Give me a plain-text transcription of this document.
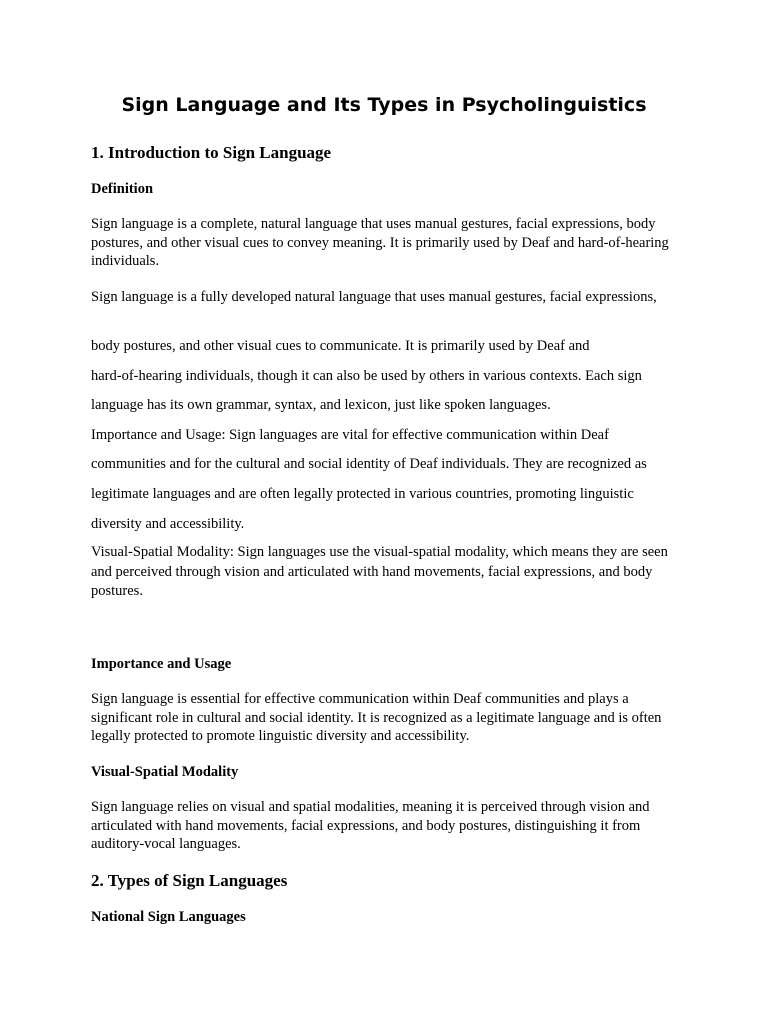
Sign Language and Its Types in Psycholinguistics
1. Introduction to Sign Language
Definition

Sign language is a complete, natural language that uses manual gestures, facial expressions, body postures, and other visual cues to convey meaning. It is primarily used by Deaf and hard-of-hearing individuals.

Sign language is a fully developed natural language that uses manual gestures, facial expressions,

body postures, and other visual cues to communicate. It is primarily used by Deaf and

hard-of-hearing individuals, though it can also be used by others in various contexts. Each sign

language has its own grammar, syntax, and lexicon, just like spoken languages.

Importance and Usage: Sign languages are vital for effective communication within Deaf

communities and for the cultural and social identity of Deaf individuals. They are recognized as

legitimate languages and are often legally protected in various countries, promoting linguistic

diversity and accessibility.

Visual-Spatial Modality: Sign languages use the visual-spatial modality, which means they are seen and perceived through vision and articulated with hand movements, facial expressions, and body postures.

Importance and Usage

Sign language is essential for effective communication within Deaf communities and plays a significant role in cultural and social identity. It is recognized as a legitimate language and is often legally protected to promote linguistic diversity and accessibility.

Visual-Spatial Modality

Sign language relies on visual and spatial modalities, meaning it is perceived through vision and articulated with hand movements, facial expressions, and body postures, distinguishing it from auditory-vocal languages.

2. Types of Sign Languages
National Sign Languages
